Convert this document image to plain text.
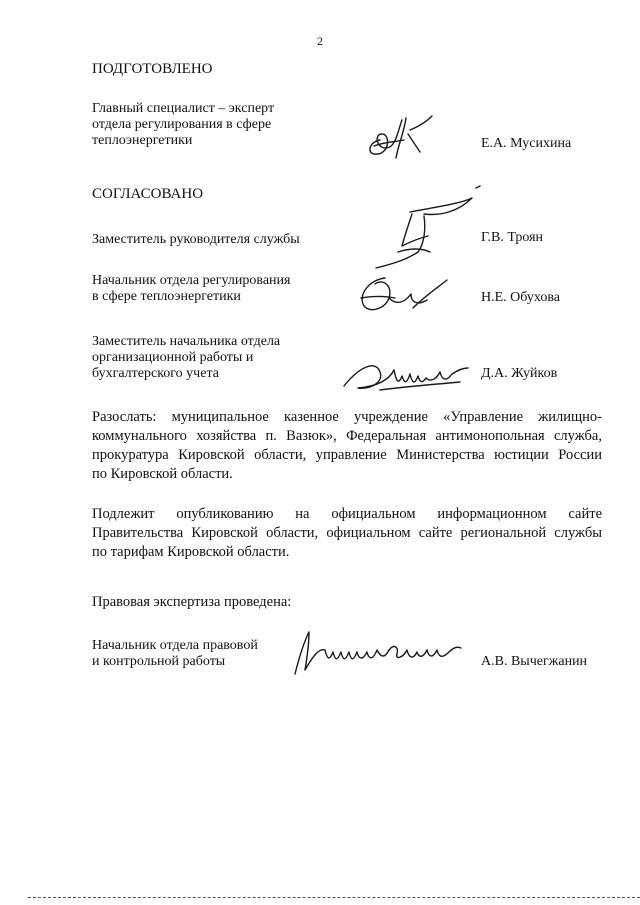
2
ПОДГОТОВЛЕНО
Главный специалист – эксперт
отдела регулирования в сфере
теплоэнергетики	Е.А. Мусихина
СОГЛАСОВАНО
Заместитель руководителя службы	Г.В. Троян
Начальник отдела регулирования
в сфере теплоэнергетики	Н.Е. Обухова
Заместитель начальника отдела
организационной работы и
бухгалтерского учета	Д.А. Жуйков
Разослать: муниципальное казенное учреждение «Управление жилищно-
коммунального хозяйства п. Вазюк», Федеральная антимонопольная служба,
прокуратура Кировской области, управление Министерства юстиции России
по Кировской области.
Подлежит опубликованию на официальном информационном сайте
Правительства Кировской области, официальном сайте региональной службы
по тарифам Кировской области.
Правовая экспертиза проведена:
Начальник отдела правовой
и контрольной работы	А.В. Вычегжанин
